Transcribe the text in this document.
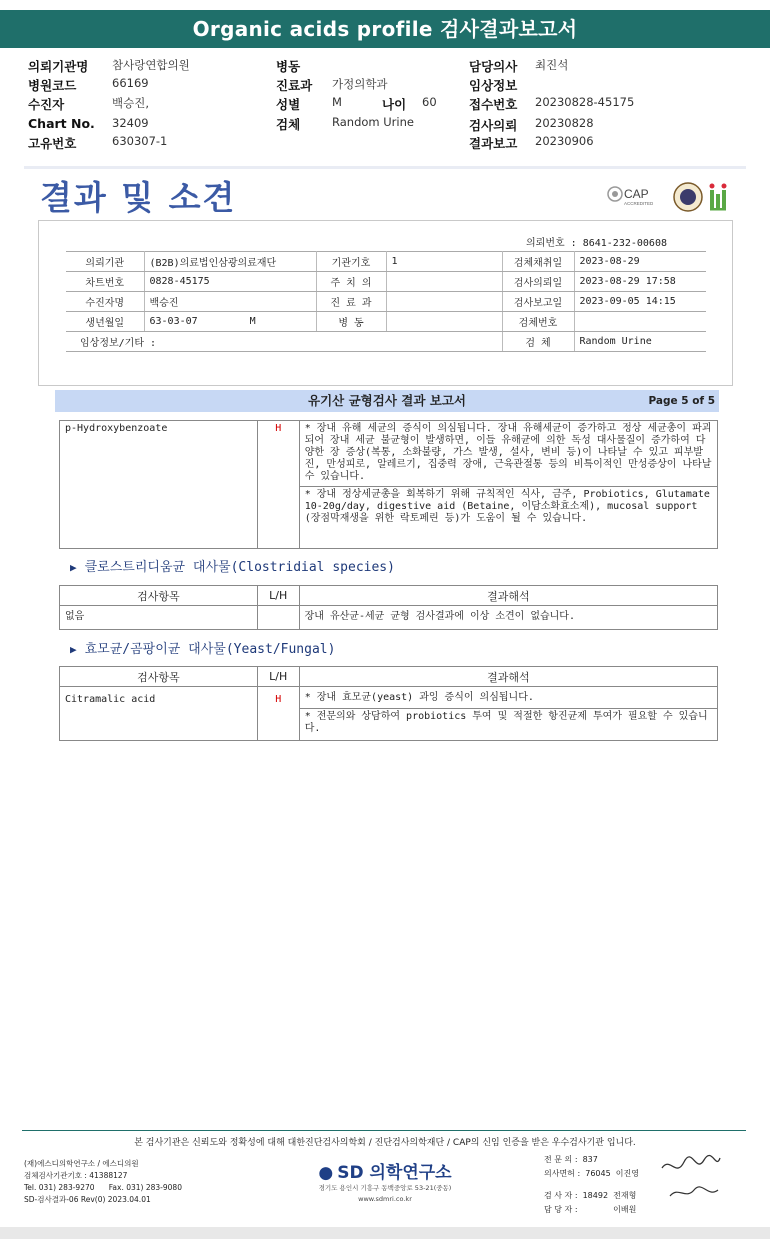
Organic acids profile 검사결과보고서
의뢰기관명	참사랑연합의원
병원코드	66169
수진자	백승진,
Chart No.	32409
고유번호	630307-1
병동
진료과	가정의학과
성별	M	나이	60
검체	Random Urine
담당의사	최진석
임상정보
접수번호	20230828-45175
검사의뢰	20230828
결과보고	20230906
결과 및 소견	CAP
ACCREDITED
의뢰번호 : 8641-232-00608
의뢰기관	(B2B)의료법인삼광의료재단	기관기호	1	검체채취일	2023-08-29
차트번호	0828-45175	주 치 의		검사의뢰일	2023-08-29 17:58
수진자명	백승진	진 료 과		검사보고일	2023-09-05 14:15
생년월일	63-03-07 M	병 동		검체번호	
임상정보/기타 :				검 체	Random Urine
유기산 균형검사 결과 보고서	Page 5 of 5
p-Hydroxybenzoate	H	* 장내 유해 세균의 증식이 의심됩니다. 장내 유해세균이 증가하고 정상 세균총이 파괴되어 장내 세균 불균형이 발생하면, 이들 유해균에 의한 독성 대사물질이 증가하여 다양한 장 증상(복통, 소화불량, 가스 발생, 설사, 변비 등)이 나타날 수 있고 피부발진, 만성피로, 알레르기, 집중력 장애, 근육관절통 등의 비특이적인 만성증상이 나타날 수 있습니다.
* 장내 정상세균총을 회복하기 위해 규칙적인 식사, 금주, Probiotics, Glutamate 10-20g/day, digestive aid (Betaine, 이담소화효소제), mucosal support (장점막재생을 위한 락토페린 등)가 도움이 될 수 있습니다.
▶ 클로스트리디움균 대사물(Clostridial species)
검사항목	L/H	결과해석
없음		장내 유산균-세균 균형 검사결과에 이상 소견이 없습니다.
▶ 효모균/곰팡이균 대사물(Yeast/Fungal)
검사항목	L/H	결과해석
Citramalic acid	H	* 장내 효모균(yeast) 과잉 증식이 의심됩니다.
		* 전문의와 상담하여 probiotics 투여 및 적절한 항진균제 투여가 필요할 수 있습니다.
본 검사기관은 신뢰도와 정확성에 대해 대한진단검사의학회 / 진단검사의학재단 / CAP의 신임 인증을 받은 우수검사기관 입니다.
(재)에스디의학연구소 / 에스디의원
검체검사기관기호 : 41388127
Tel. 031) 283-9270      Fax. 031) 283-9080
SD-검사결과-06 Rev(0) 2023.04.01
● SD 의학연구소
경기도 용인시 기흥구 동백중앙로 53-21(중동)
www.sdmri.co.kr
전 문 의 :  837
의사면허 :  76045  이진영
검 사 자 :  18492  전재형
담 당 자 :              이배원
